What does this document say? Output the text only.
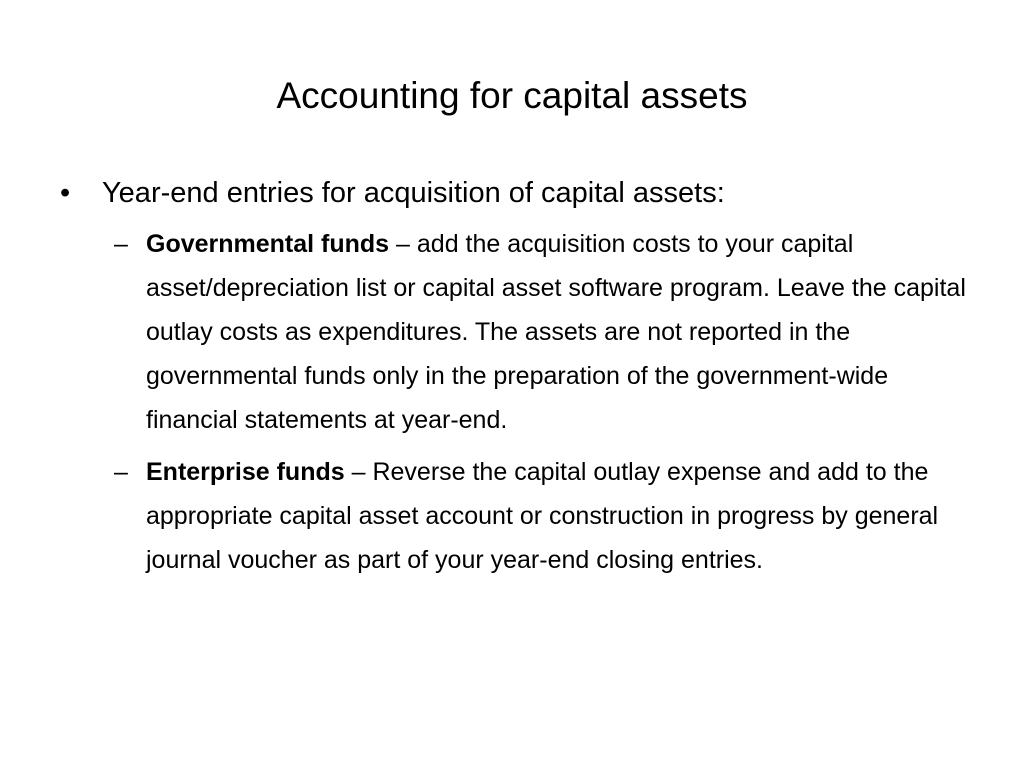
Accounting for capital assets
•	Year-end entries for acquisition of capital assets:
– Governmental funds – add the acquisition costs to your capital asset/depreciation list or capital asset software program. Leave the capital outlay costs as expenditures. The assets are not reported in the governmental funds only in the preparation of the government-wide financial statements at year-end.
– Enterprise funds – Reverse the capital outlay expense and add to the appropriate capital asset account or construction in progress by general journal voucher as part of your year-end closing entries.
